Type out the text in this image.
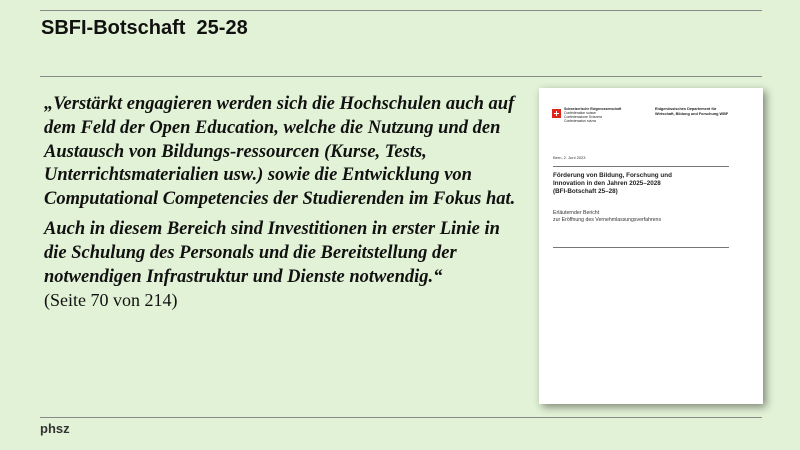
SBFI-Botschaft  25-28

„Verstärkt engagieren werden sich die Hochschulen auch auf dem Feld der Open Education, welche die Nutzung und den Austausch von Bildungs-ressourcen (Kurse, Tests, Unterrichtsmaterialien usw.) sowie die Entwicklung von Computational Competencies der Studierenden im Fokus hat.

Auch in diesem Bereich sind Investitionen in erster Linie in die Schulung des Personals und die Bereitstellung der notwendigen Infrastruktur und Dienste notwendig.“

(Seite 70 von 214)
Schweizerische Eidgenossenschaft
Confédération suisse
Confederazione Svizzera
Confederaziun svizra
Eidgenössisches Departement für
Wirtschaft, Bildung und Forschung WBF
Bern, 2. Juni 2023
Förderung von Bildung, Forschung und
Innovation in den Jahren 2025–2028
(BFI-Botschaft 25–28)
Erläuternder Bericht
zur Eröffnung des Vernehmlassungsverfahrens
phsz
